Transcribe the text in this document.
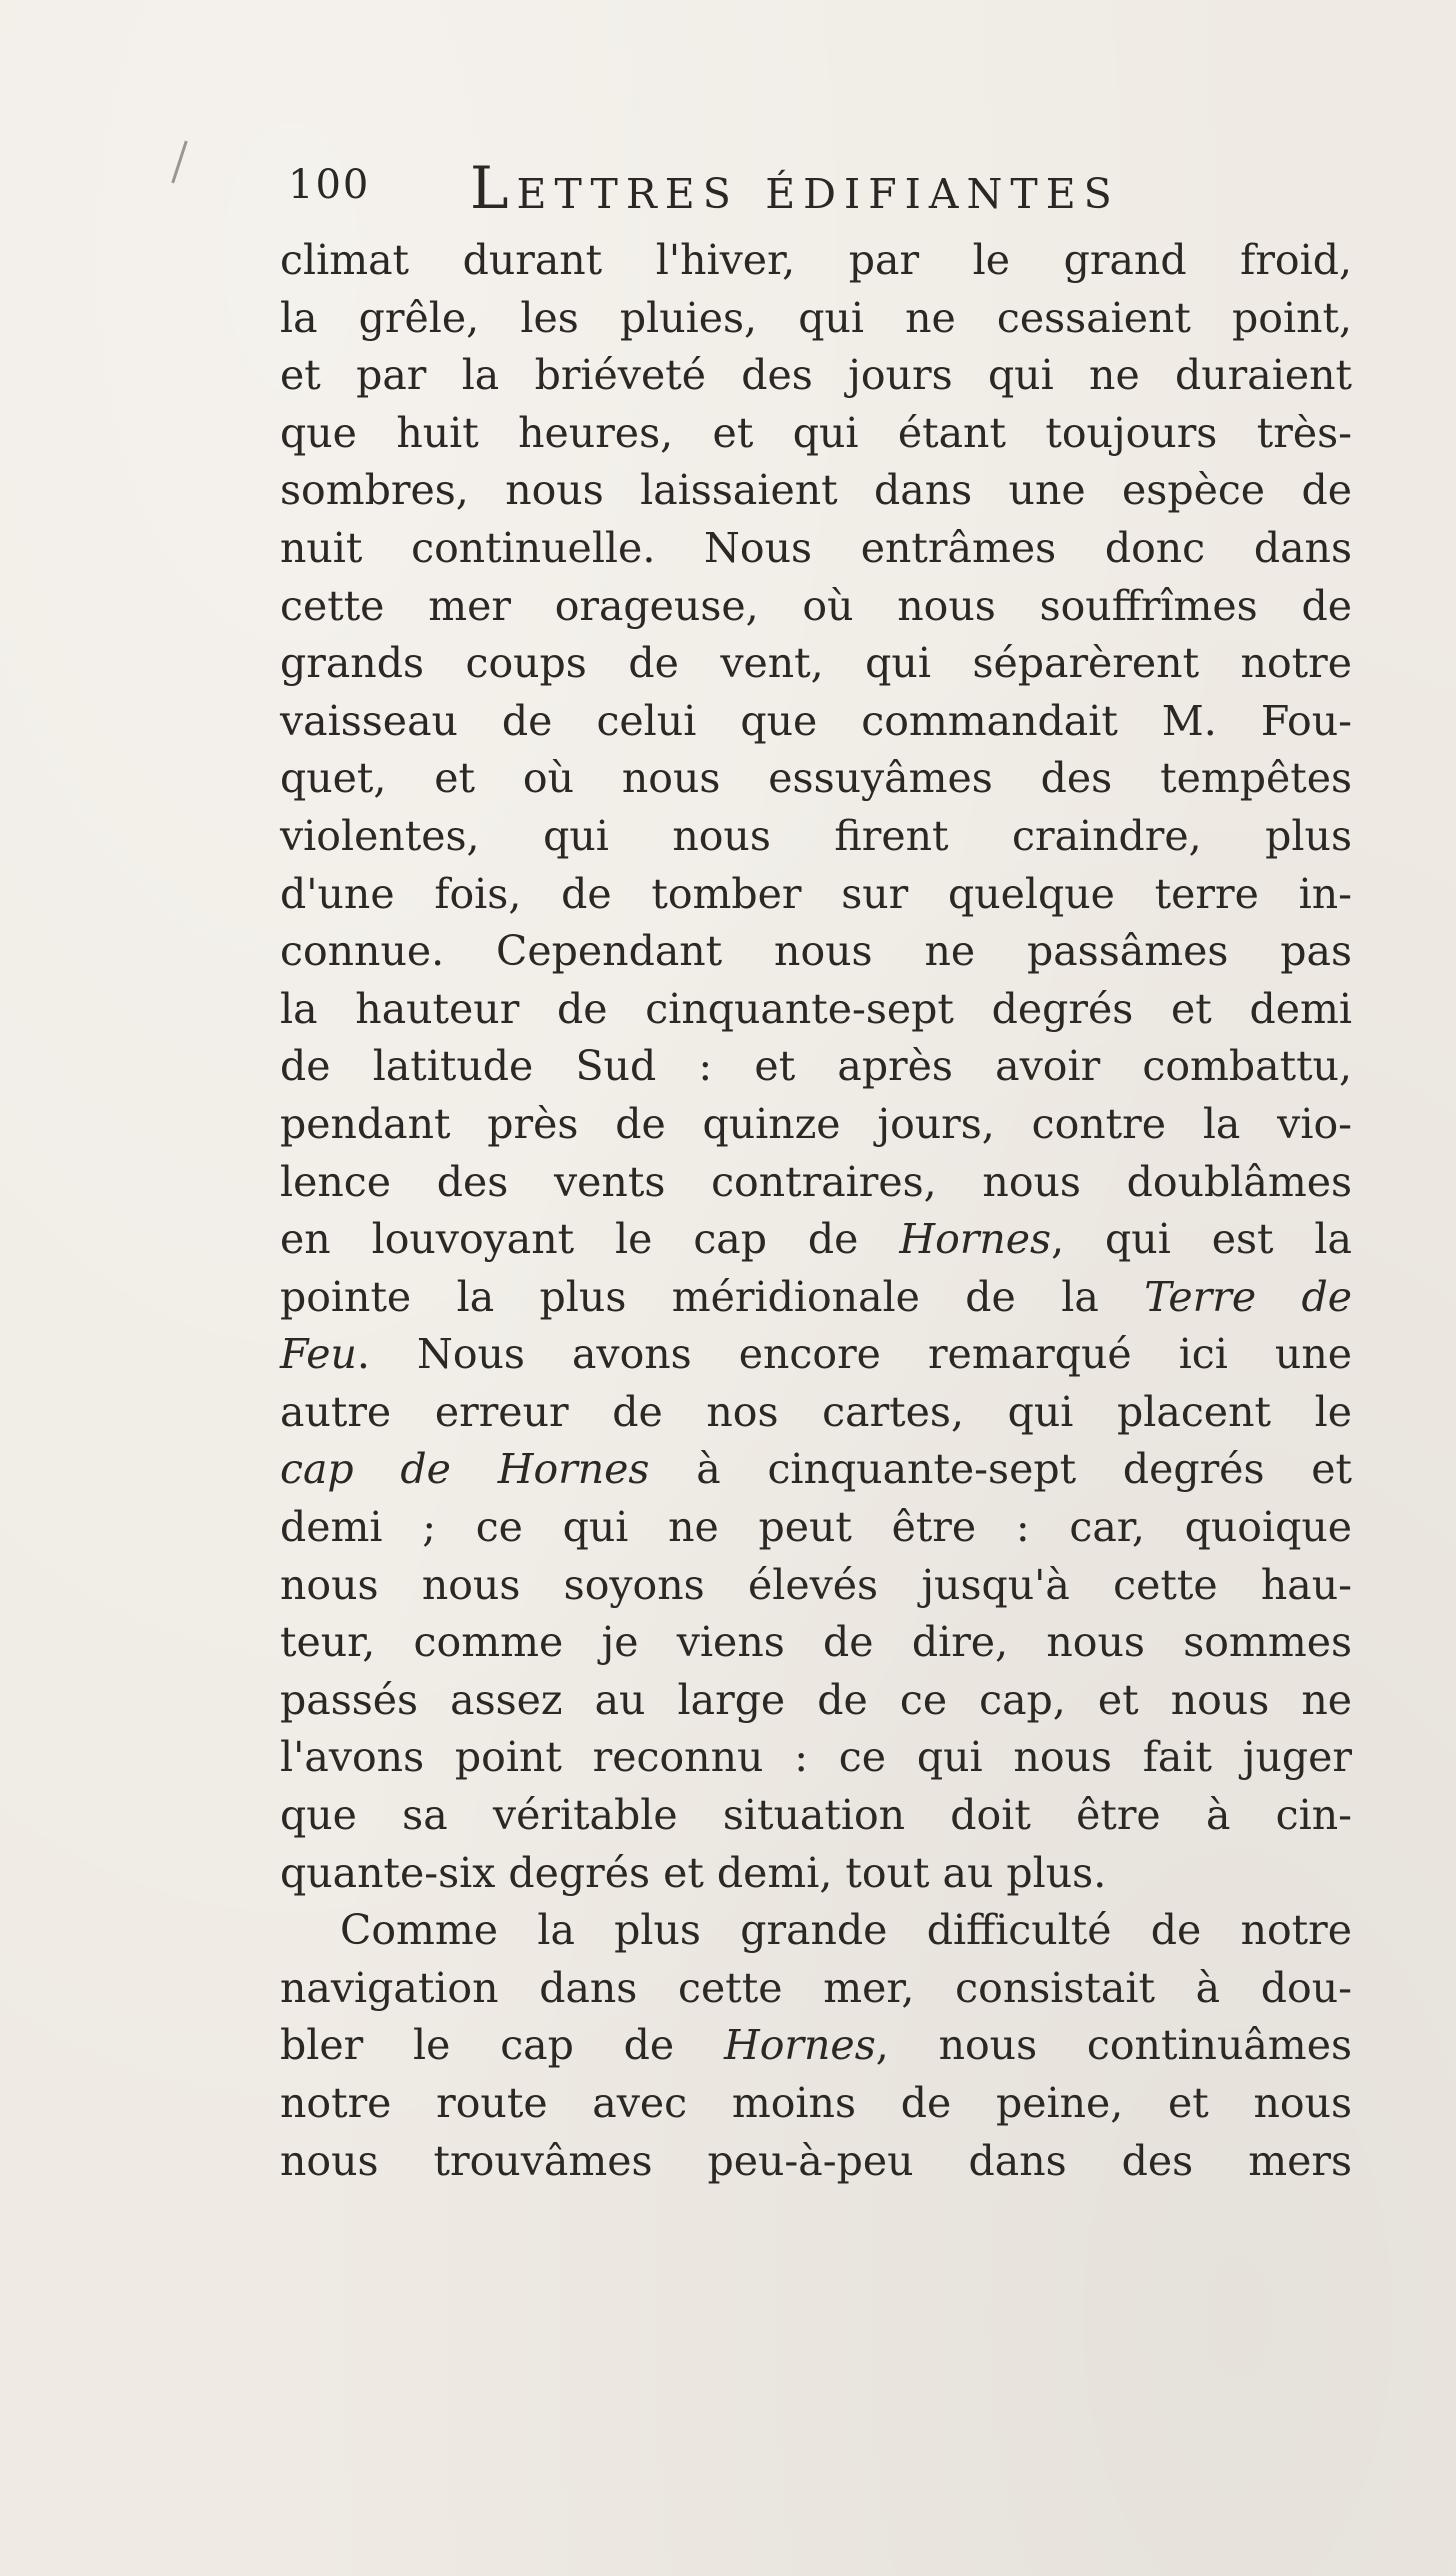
100 Lettres édifiantes
climat durant l'hiver, par le grand froid,
la grêle, les pluies, qui ne cessaient point,
et par la briéveté des jours qui ne duraient
que huit heures, et qui étant toujours très-
sombres, nous laissaient dans une espèce de
nuit continuelle. Nous entrâmes donc dans
cette mer orageuse, où nous souffrîmes de
grands coups de vent, qui séparèrent notre
vaisseau de celui que commandait M. Fou-
quet, et où nous essuyâmes des tempêtes
violentes, qui nous firent craindre, plus
d'une fois, de tomber sur quelque terre in-
connue. Cependant nous ne passâmes pas
la hauteur de cinquante-sept degrés et demi
de latitude Sud : et après avoir combattu,
pendant près de quinze jours, contre la vio-
lence des vents contraires, nous doublâmes
en louvoyant le cap de Hornes, qui est la
pointe la plus méridionale de la Terre de
Feu. Nous avons encore remarqué ici une
autre erreur de nos cartes, qui placent le
cap de Hornes à cinquante-sept degrés et
demi ; ce qui ne peut être : car, quoique
nous nous soyons élevés jusqu'à cette hau-
teur, comme je viens de dire, nous sommes
passés assez au large de ce cap, et nous ne
l'avons point reconnu : ce qui nous fait juger
que sa véritable situation doit être à cin-
quante-six degrés et demi, tout au plus.
Comme la plus grande difficulté de notre
navigation dans cette mer, consistait à dou-
bler le cap de Hornes, nous continuâmes
notre route avec moins de peine, et nous
nous trouvâmes peu-à-peu dans des mers
